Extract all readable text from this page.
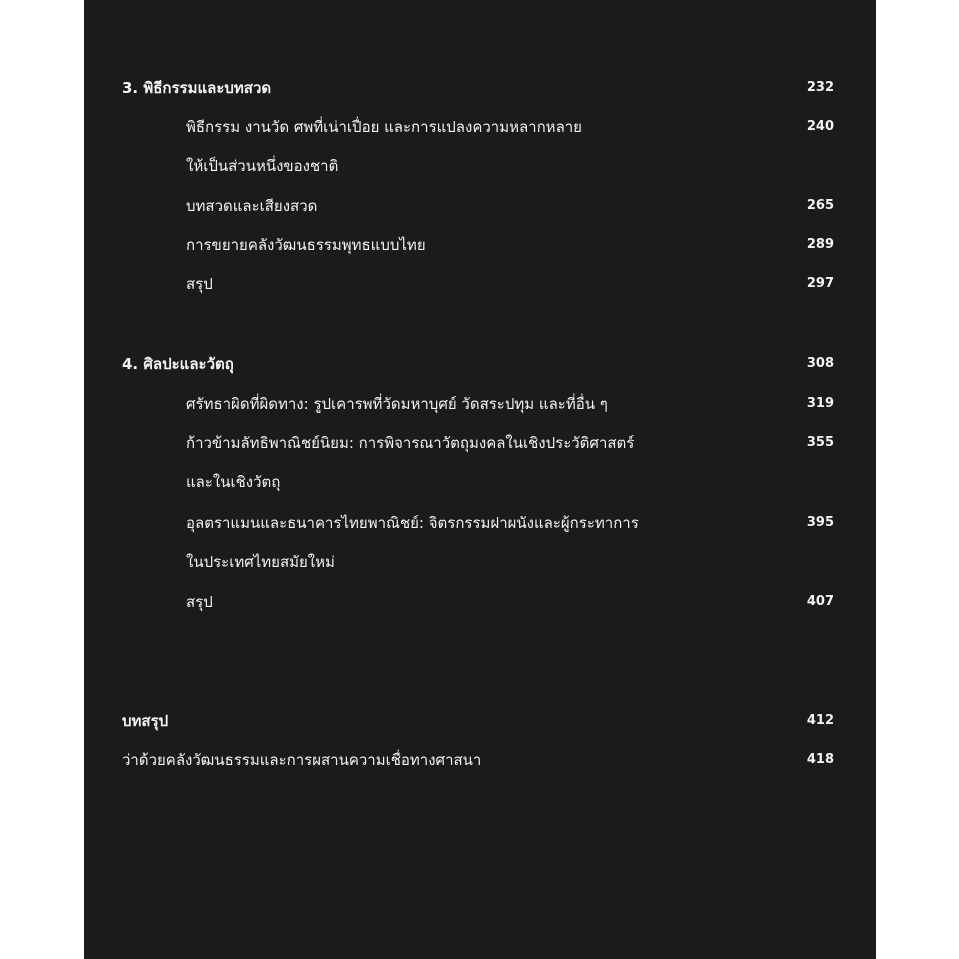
3. พิธีกรรมและบทสวด	232
พิธีกรรม งานวัด ศพที่เน่าเปื่อย และการแปลงความหลากหลาย	240
ให้เป็นส่วนหนึ่งของชาติ
บทสวดและเสียงสวด	265
การขยายคลังวัฒนธรรมพุทธแบบไทย	289
สรุป	297
4. ศิลปะและวัตถุ	308
ศรัทธาผิดที่ผิดทาง: รูปเคารพที่วัดมหาบุศย์ วัดสระปทุม และที่อื่น ๆ	319
ก้าวข้ามลัทธิพาณิชย์นิยม: การพิจารณาวัตถุมงคลในเชิงประวัติศาสตร์	355
และในเชิงวัตถุ
อุลตราแมนและธนาคารไทยพาณิชย์: จิตรกรรมฝาผนังและผู้กระทาการ	395
ในประเทศไทยสมัยใหม่
สรุป	407
บทสรุป	412
ว่าด้วยคลังวัฒนธรรมและการผสานความเชื่อทางศาสนา	418
